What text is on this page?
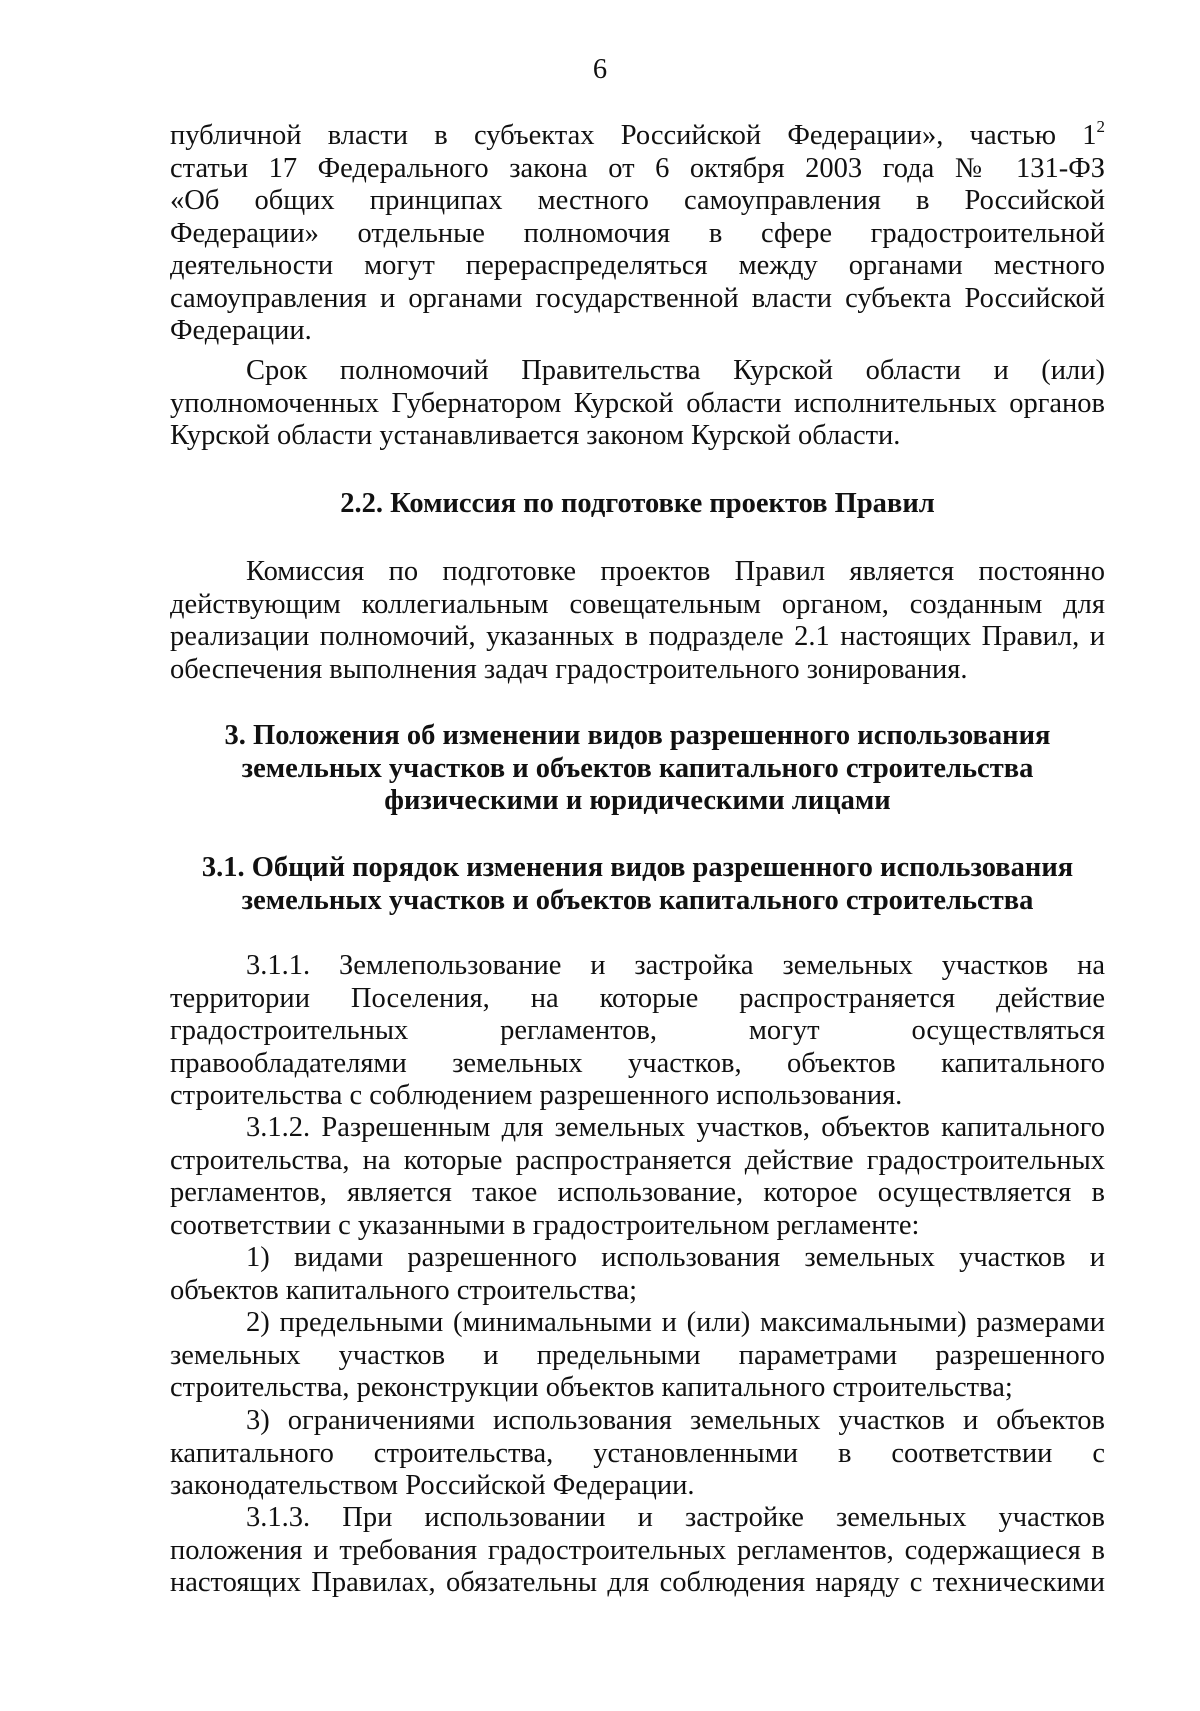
6
публичной власти в субъектах Российской Федерации», частью $1^2$
статьи 17 Федерального закона от 6 октября 2003 года № 131-ФЗ
«Об общих принципах местного самоуправления в Российской
Федерации» отдельные полномочия в сфере градостроительной
деятельности могут перераспределяться между органами местного
самоуправления и органами государственной власти субъекта Российской
Федерации.
Срок полномочий Правительства Курской области и (или)
уполномоченных Губернатором Курской области исполнительных органов
Курской области устанавливается законом Курской области.
2.2. Комиссия по подготовке проектов Правил
Комиссия по подготовке проектов Правил является постоянно
действующим коллегиальным совещательным органом, созданным для
реализации полномочий, указанных в подразделе 2.1 настоящих Правил, и
обеспечения выполнения задач градостроительного зонирования.
3. Положения об изменении видов разрешенного использования
земельных участков и объектов капитального строительства
физическими и юридическими лицами
3.1. Общий порядок изменения видов разрешенного использования
земельных участков и объектов капитального строительства
3.1.1. Землепользование и застройка земельных участков на
территории Поселения, на которые распространяется действие
градостроительных регламентов, могут осуществляться
правообладателями земельных участков, объектов капитального
строительства с соблюдением разрешенного использования.
3.1.2. Разрешенным для земельных участков, объектов капитального
строительства, на которые распространяется действие градостроительных
регламентов, является такое использование, которое осуществляется в
соответствии с указанными в градостроительном регламенте:
1) видами разрешенного использования земельных участков и
объектов капитального строительства;
2) предельными (минимальными и (или) максимальными) размерами
земельных участков и предельными параметрами разрешенного
строительства, реконструкции объектов капитального строительства;
3) ограничениями использования земельных участков и объектов
капитального строительства, установленными в соответствии с
законодательством Российской Федерации.
3.1.3. При использовании и застройке земельных участков
положения и требования градостроительных регламентов, содержащиеся в
настоящих Правилах, обязательны для соблюдения наряду с техническими
